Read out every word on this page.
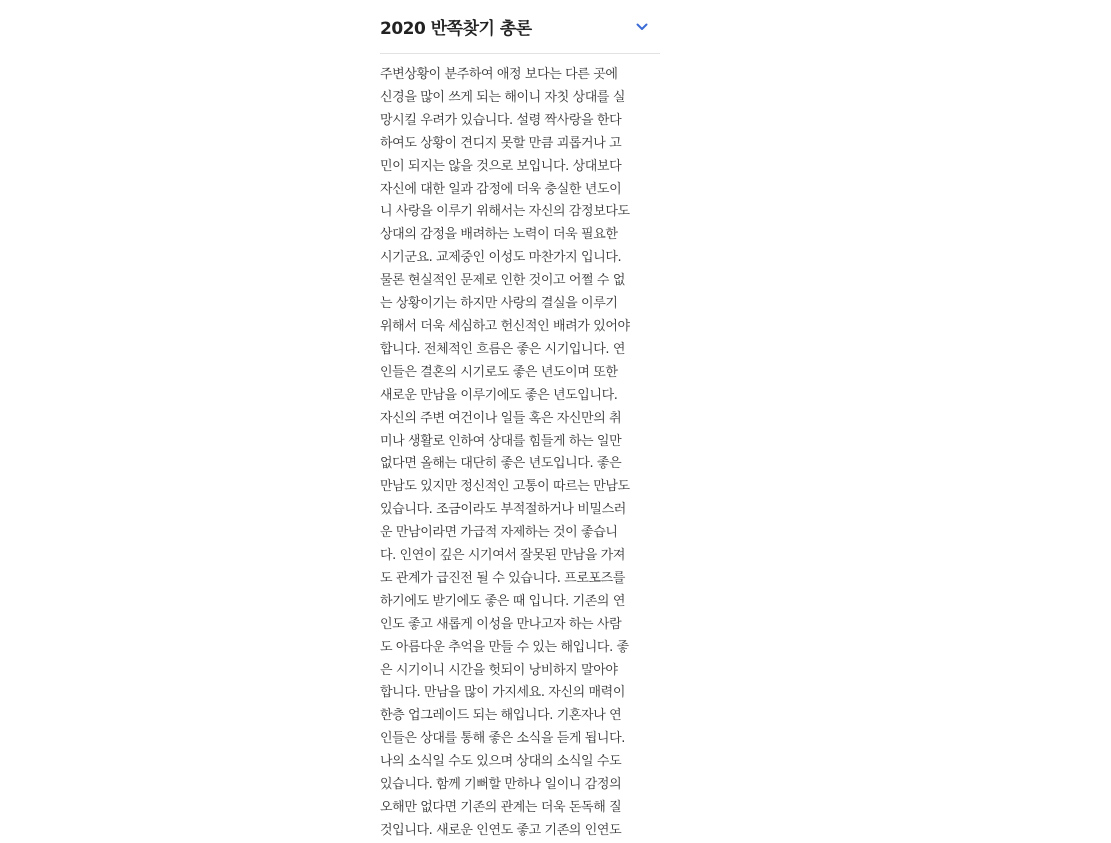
2020 반쪽찾기 총론
주변상황이 분주하여 애정 보다는 다른 곳에
신경을 많이 쓰게 되는 해이니 자칫 상대를 실
망시킬 우려가 있습니다. 설령 짝사랑을 한다
하여도 상황이 견디지 못할 만큼 괴롭거나 고
민이 되지는 않을 것으로 보입니다. 상대보다
자신에 대한 일과 감정에 더욱 충실한 년도이
니 사랑을 이루기 위해서는 자신의 감정보다도
상대의 감정을 배려하는 노력이 더욱 필요한
시기군요. 교제중인 이성도 마찬가지 입니다.
물론 현실적인 문제로 인한 것이고 어쩔 수 없
는 상황이기는 하지만 사랑의 결실을 이루기
위해서 더욱 세심하고 헌신적인 배려가 있어야
합니다. 전체적인 흐름은 좋은 시기입니다. 연
인들은 결혼의 시기로도 좋은 년도이며 또한
새로운 만남을 이루기에도 좋은 년도입니다.
자신의 주변 여건이나 일들 혹은 자신만의 취
미나 생활로 인하여 상대를 힘들게 하는 일만
없다면 올해는 대단히 좋은 년도입니다. 좋은
만남도 있지만 정신적인 고통이 따르는 만남도
있습니다. 조금이라도 부적절하거나 비밀스러
운 만남이라면 가급적 자제하는 것이 좋습니
다. 인연이 깊은 시기여서 잘못된 만남을 가져
도 관계가 급진전 될 수 있습니다. 프로포즈를
하기에도 받기에도 좋은 때 입니다. 기존의 연
인도 좋고 새롭게 이성을 만나고자 하는 사람
도 아름다운 추억을 만들 수 있는 해입니다. 좋
은 시기이니 시간을 헛되이 낭비하지 말아야
합니다. 만남을 많이 가지세요. 자신의 매력이
한층 업그레이드 되는 해입니다. 기혼자나 연
인들은 상대를 통해 좋은 소식을 듣게 됩니다.
나의 소식일 수도 있으며 상대의 소식일 수도
있습니다. 함께 기뻐할 만하나 일이니 감정의
오해만 없다면 기존의 관계는 더욱 돈독해 질
것입니다. 새로운 인연도 좋고 기존의 인연도
